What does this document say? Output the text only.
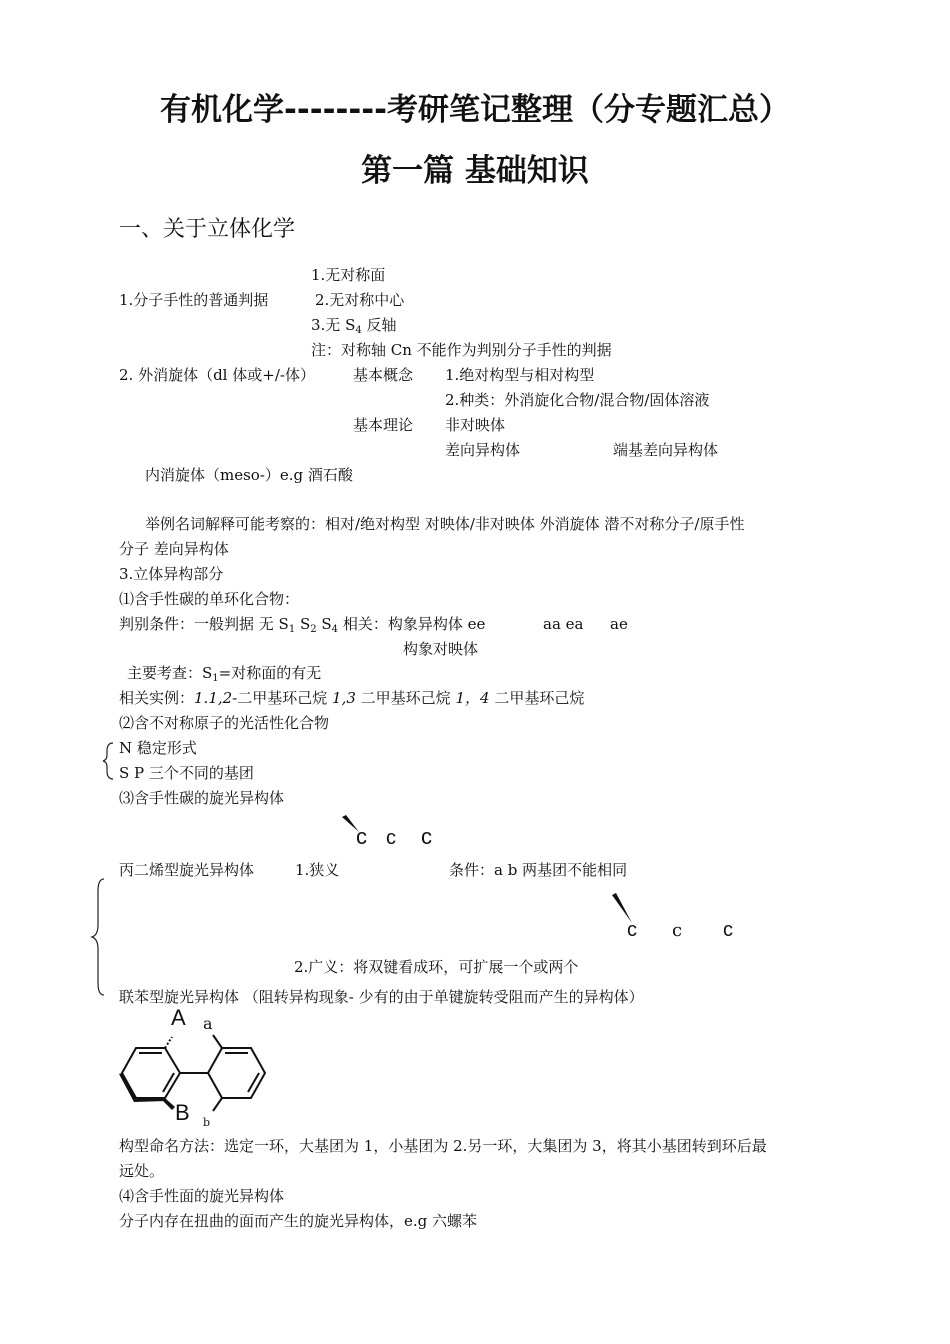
有机化学--------考研笔记整理（分专题汇总）
第一篇 基础知识
一、关于立体化学
1.无对称面
1.分子手性的普通判据	2.无对称中心
3.无 $S_4$ 反轴
注：对称轴 Cn 不能作为判别分子手性的判据
2. 外消旋体（dl 体或+/-体）	基本概念 1.绝对构型与相对构型
2.种类：外消旋化合物/混合物/固体溶液
基本理论 非对映体
差向异构体	端基差向异构体
内消旋体（meso-）e.g 酒石酸
举例名词解释可能考察的：相对/绝对构型 对映体/非对映体 外消旋体 潜不对称分子/原手性
分子 差向异构体
3.立体异构部分
⑴含手性碳的单环化合物：
判别条件：一般判据 无 $S_1$ $S_2$ $S_4$ 相关：构象异构体 ee	aa ea ae
构象对映体
主要考查：$S_1=$对称面的有无
相关实例：1.1,2-二甲基环己烷 1,3 二甲基环己烷 1，4 二甲基环己烷
⑵含不对称原子的光活性化合物
N 稳定形式
S P 三个不同的基团
⑶含手性碳的旋光异构体
c c c
丙二烯型旋光异构体	1.狭义	条件：a b 两基团不能相同
c c c
2.广义：将双键看成环，可扩展一个或两个
联苯型旋光异构体 （阻转异构现象- 少有的由于单键旋转受阻而产生的异构体）
A a
B b
构型命名方法：选定一环，大基团为 1，小基团为 2.另一环，大集团为 3，将其小基团转到环后最
远处。
⑷含手性面的旋光异构体
分子内存在扭曲的面而产生的旋光异构体，e.g 六螺苯
